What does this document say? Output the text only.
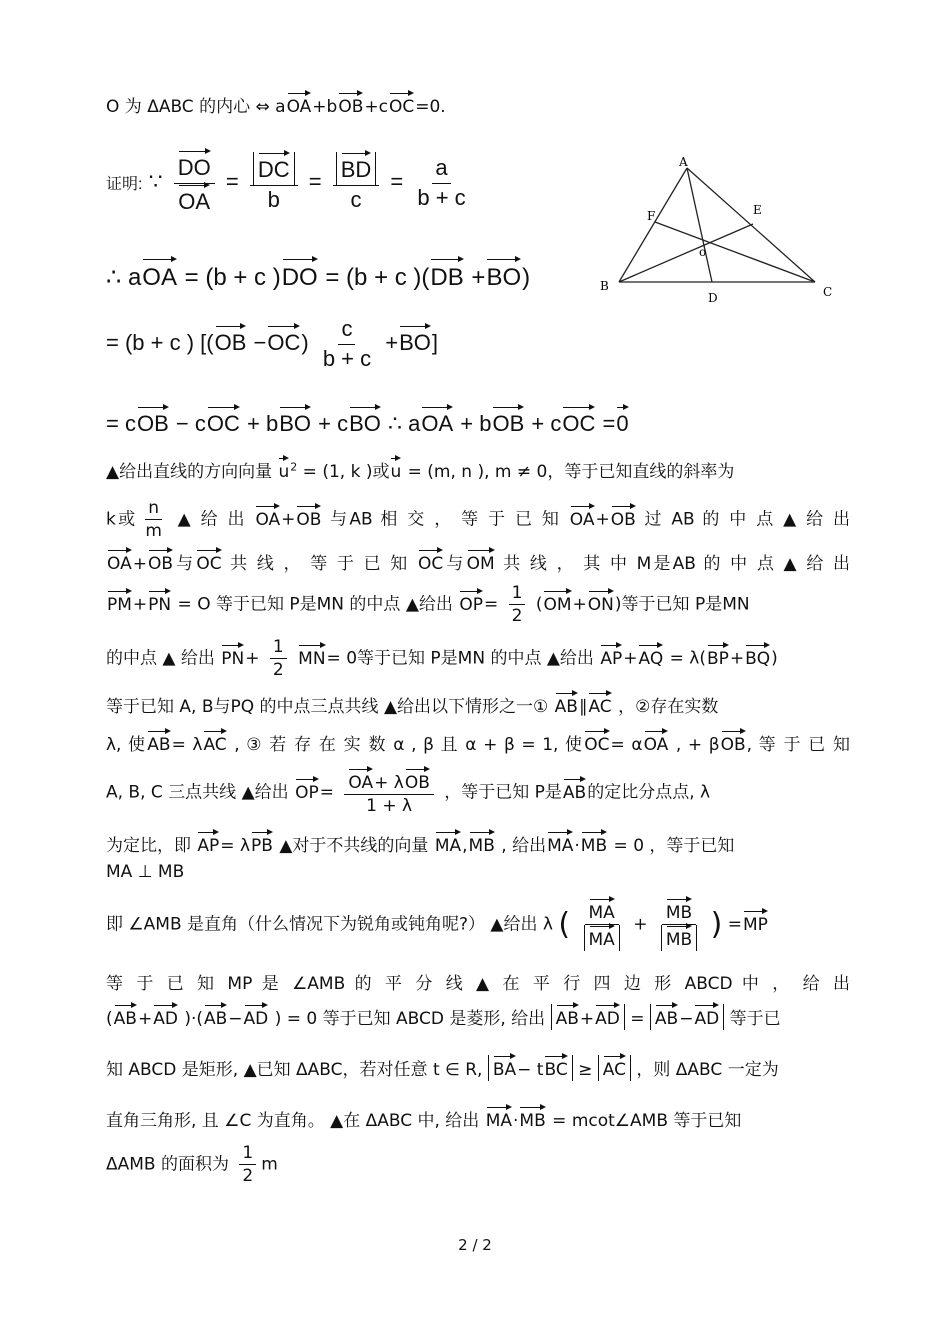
O 为 ΔABC 的内心 ⇔ aOA+bOB+cOC=0.
证明: ∵ $\frac{DO}{OA} = \frac{DC}{b} = \frac{BD}{c} = \frac{a}{b + c}$
∴ aOA = (b + c )DO = (b + c )(DB +BO)
= (b + c ) $[(OB -OC) \frac{c}{b + c} +BO]$
= cOB − cOC + bBO + cBO ∴ aOA + bOB + cOC =0
▲给出直线的方向向量 $u^2 = (1$, k )或u = (m, n ), m ≠ 0，等于已知直线的斜率为
k或 $\frac{n}{m}$ ▲ 给 出 OA+OB 与AB 相 交 ， 等 于 已 知 OA+OB 过 AB 的 中 点 ▲ 给 出
OA+OB与OC 共 线 ， 等 于 已 知 OC与OM 共 线 ， 其 中 M是AB 的 中 点 ▲ 给 出
PM+PN = O 等于已知 P是MN 的中点 ▲给出 $OP= \frac{1}{2} (OM+ON)$等于已知 P是MN
的中点 ▲ 给出 $PN+ \frac{1}{2} MN= 0$等于已知 P是MN 的中点 ▲给出 AP+AQ = λ(BP+BQ)
等于已知 A, B与PQ 的中点三点共线 ▲给出以下情形之一① AB∥AC ，②存在实数
λ, 使AB= λAC , ③ 若 存 在 实 数 α , β 且 α + β = 1, 使OC= αOA , + βOB, 等 于 已 知
A, B, C 三点共线 ▲给出 $OP= \frac{\text{OA+ λOB}}{1 + \lambda}$ ，等于已知 P是AB的定比分点点, λ
为定比，即 AP= λPB ▲对于不共线的向量 MA,MB , 给出MA·MB = 0 ，等于已知
MA ⊥ MB
即 ∠AMB 是直角（什么情况下为锐角或钝角呢?） ▲给出 λ ( $\frac{MA}{MA} + \frac{MB}{MB}$ ) =MP
等 于 已 知 MP 是 ∠AMB 的 平 分 线 ▲ 在 平 行 四 边 形 ABCD 中 ， 给 出
(AB+AD )·(AB−AD ) = 0 等于已知 ABCD 是菱形, 给出 AB+AD = AB−AD 等于已
知 ABCD 是矩形, ▲已知 ΔABC，若对任意 t ∈ R, BA− tBC ≥ AC ，则 ΔABC 一定为
直角三角形, 且 ∠C 为直角。 ▲在 ΔABC 中, 给出 MA·MB = mcot∠AMB 等于已知
ΔAMB 的面积为 $\frac{1}{2}$ m
A
B	C
D
E
F
o
2 / 2
